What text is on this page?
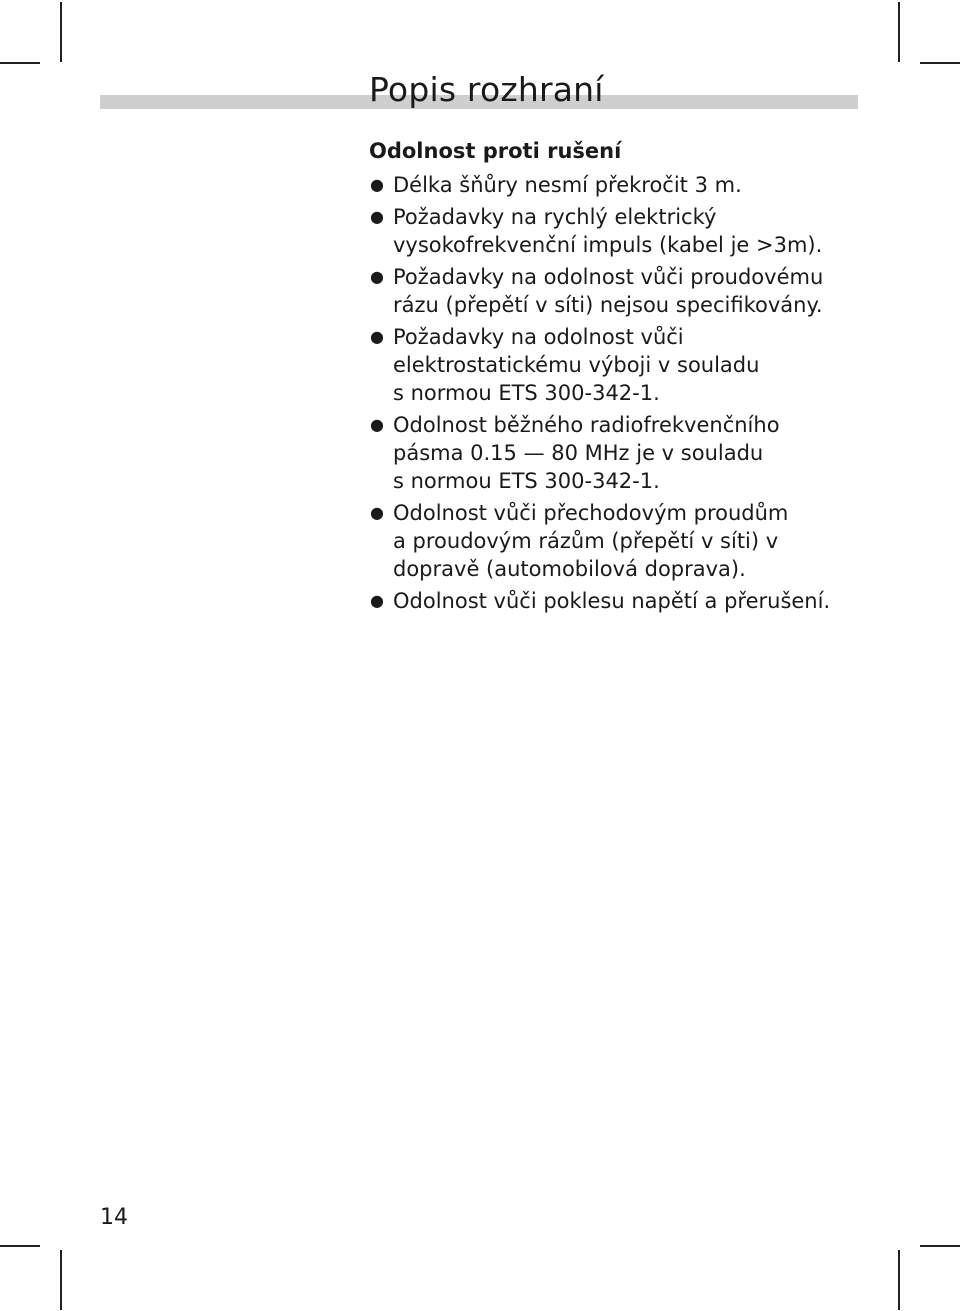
Popis rozhraní
Odolnost proti rušení
● Délka šňůry nesmí překročit 3 m.
● Požadavky na rychlý elektrický
vysokofrekvenční impuls (kabel je >3m).
● Požadavky na odolnost vůči proudovému
rázu (přepětí v síti) nejsou specifikovány.
● Požadavky na odolnost vůči
elektrostatickému výboji v souladu
s normou ETS 300-342-1.
● Odolnost běžného radiofrekvenčního
pásma 0.15 — 80 MHz je v souladu
s normou ETS 300-342-1.
● Odolnost vůči přechodovým proudům
a proudovým rázům (přepětí v síti) v
dopravě (automobilová doprava).
● Odolnost vůči poklesu napětí a přerušení.
14
